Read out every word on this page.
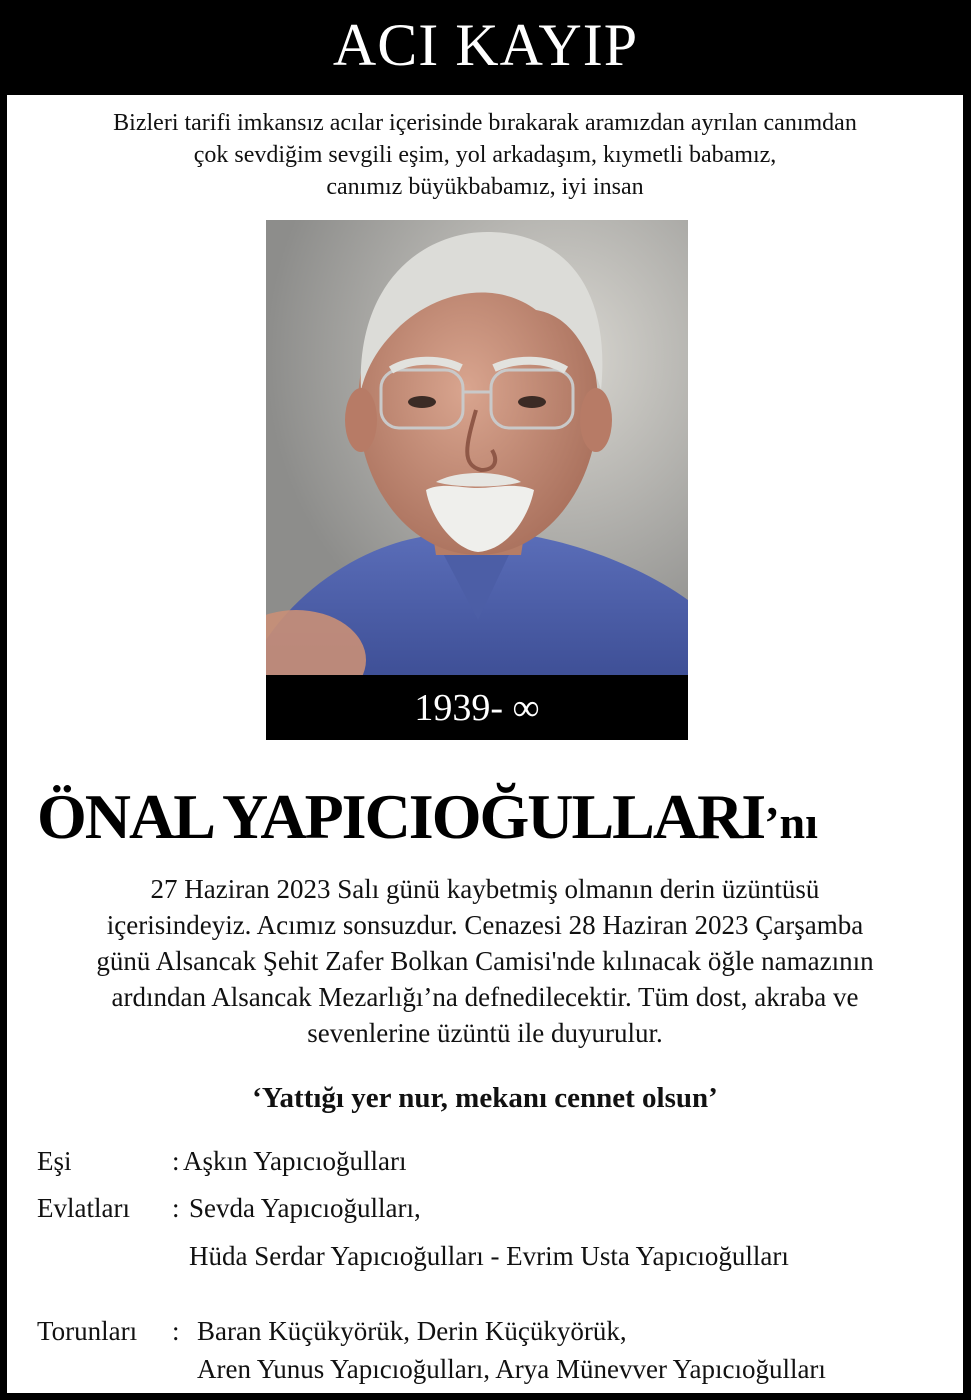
ACI KAYIP
Bizleri tarifi imkansız acılar içerisinde bırakarak aramızdan ayrılan canımdan
çok sevdiğim sevgili eşim, yol arkadaşım, kıymetli babamız,
canımız büyükbabamız, iyi insan
1939- ∞
ÖNAL YAPICIOĞULLARI’nı
27 Haziran 2023 Salı günü kaybetmiş olmanın derin üzüntüsü
içerisindeyiz. Acımız sonsuzdur. Cenazesi 28 Haziran 2023 Çarşamba
günü Alsancak Şehit Zafer Bolkan Camisi'nde kılınacak öğle namazının
ardından Alsancak Mezarlığı’na defnedilecektir. Tüm dost, akraba ve
sevenlerine üzüntü ile duyurulur.
‘Yattığı yer nur, mekanı cennet olsun’
Eşi	: Aşkın Yapıcıoğulları
Evlatları : Sevda Yapıcıoğulları,
Hüda Serdar Yapıcıoğulları - Evrim Usta Yapıcıoğulları
Torunları : Baran Küçükyörük, Derin Küçükyörük,
Aren Yunus Yapıcıoğulları, Arya Münevver Yapıcıoğulları
